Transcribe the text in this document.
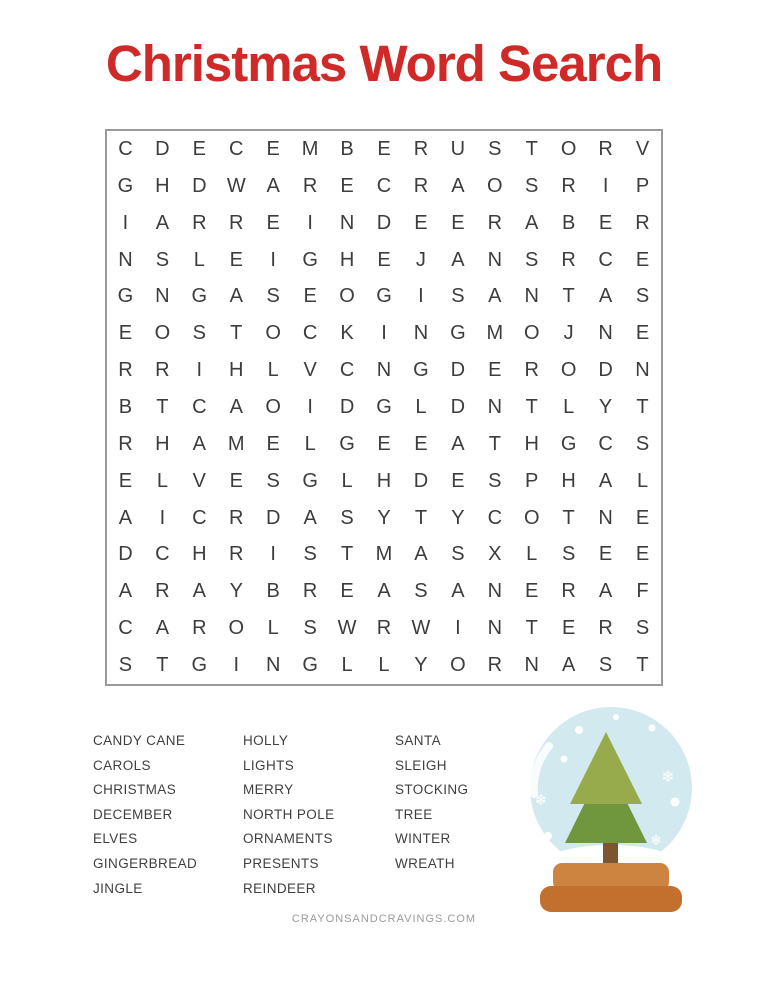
Christmas Word Search
C	D	E	C	E	M	B	E	R	U	S	T	O	R	V
G	H	D	W	A	R	E	C	R	A	O	S	R	I	P
I	A	R	R	E	I	N	D	E	E	R	A	B	E	R
N	S	L	E	I	G	H	E	J	A	N	S	R	C	E
G	N	G	A	S	E	O	G	I	S	A	N	T	A	S
E	O	S	T	O	C	K	I	N	G	M	O	J	N	E
R	R	I	H	L	V	C	N	G	D	E	R	O	D	N
B	T	C	A	O	I	D	G	L	D	N	T	L	Y	T
R	H	A	M	E	L	G	E	E	A	T	H	G	C	S
E	L	V	E	S	G	L	H	D	E	S	P	H	A	L
A	I	C	R	D	A	S	Y	T	Y	C	O	T	N	E
D	C	H	R	I	S	T	M	A	S	X	L	S	E	E
A	R	A	Y	B	R	E	A	S	A	N	E	R	A	F
C	A	R	O	L	S	W	R	W	I	N	T	E	R	S
S	T	G	I	N	G	L	L	Y	O	R	N	A	S	T
CANDY CANE
CAROLS
CHRISTMAS
DECEMBER
ELVES
GINGERBREAD
JINGLE
HOLLY
LIGHTS
MERRY
NORTH POLE
ORNAMENTS
PRESENTS
REINDEER
SANTA
SLEIGH
STOCKING
TREE
WINTER
WREATH
❄
❄
❄
CRAYONSANDCRAVINGS.COM
